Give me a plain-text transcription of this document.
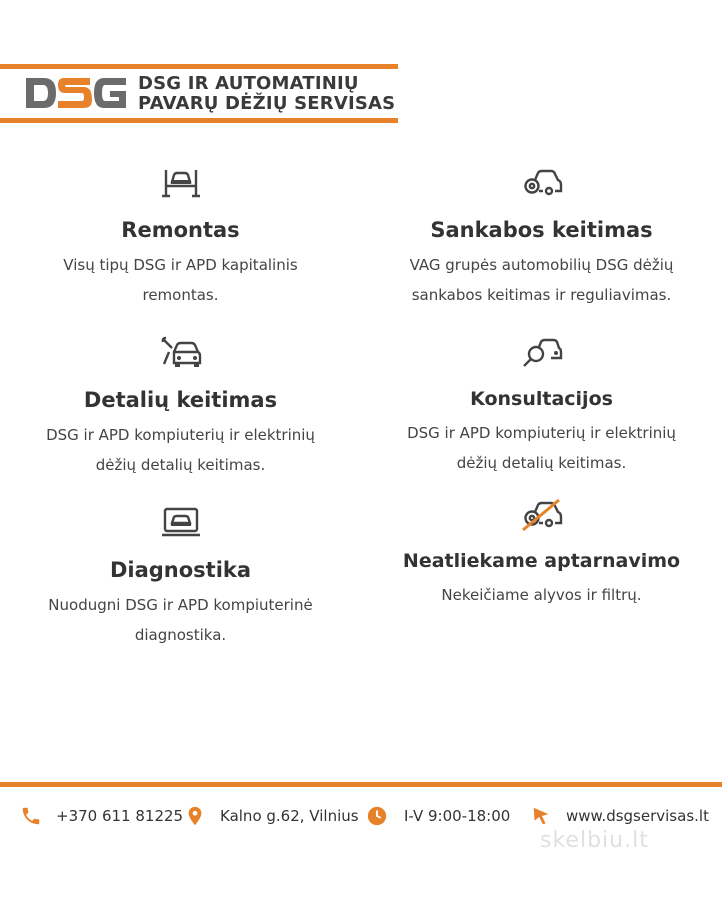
DSG IR AUTOMATINIŲ
PAVARŲ DĖŽIŲ SERVISAS
Remontas

Visų tipų DSG ir APD kapitalinis
remontas.

Sankabos keitimas

VAG grupės automobilių DSG dėžių
sankabos keitimas ir reguliavimas.

Detalių keitimas

DSG ir APD kompiuterių ir elektrinių
dėžių detalių keitimas.

Konsultacijos

DSG ir APD kompiuterių ir elektrinių
dėžių detalių keitimas.

Diagnostika

Nuodugni DSG ir APD kompiuterinė
diagnostika.

Neatliekame aptarnavimo

Nekeičiame alyvos ir filtrų.

+370 611 81225 Kalno g.62, Vilnius	I-V 9:00-18:00	www.dsgservisas.lt
skelbiu.lt
